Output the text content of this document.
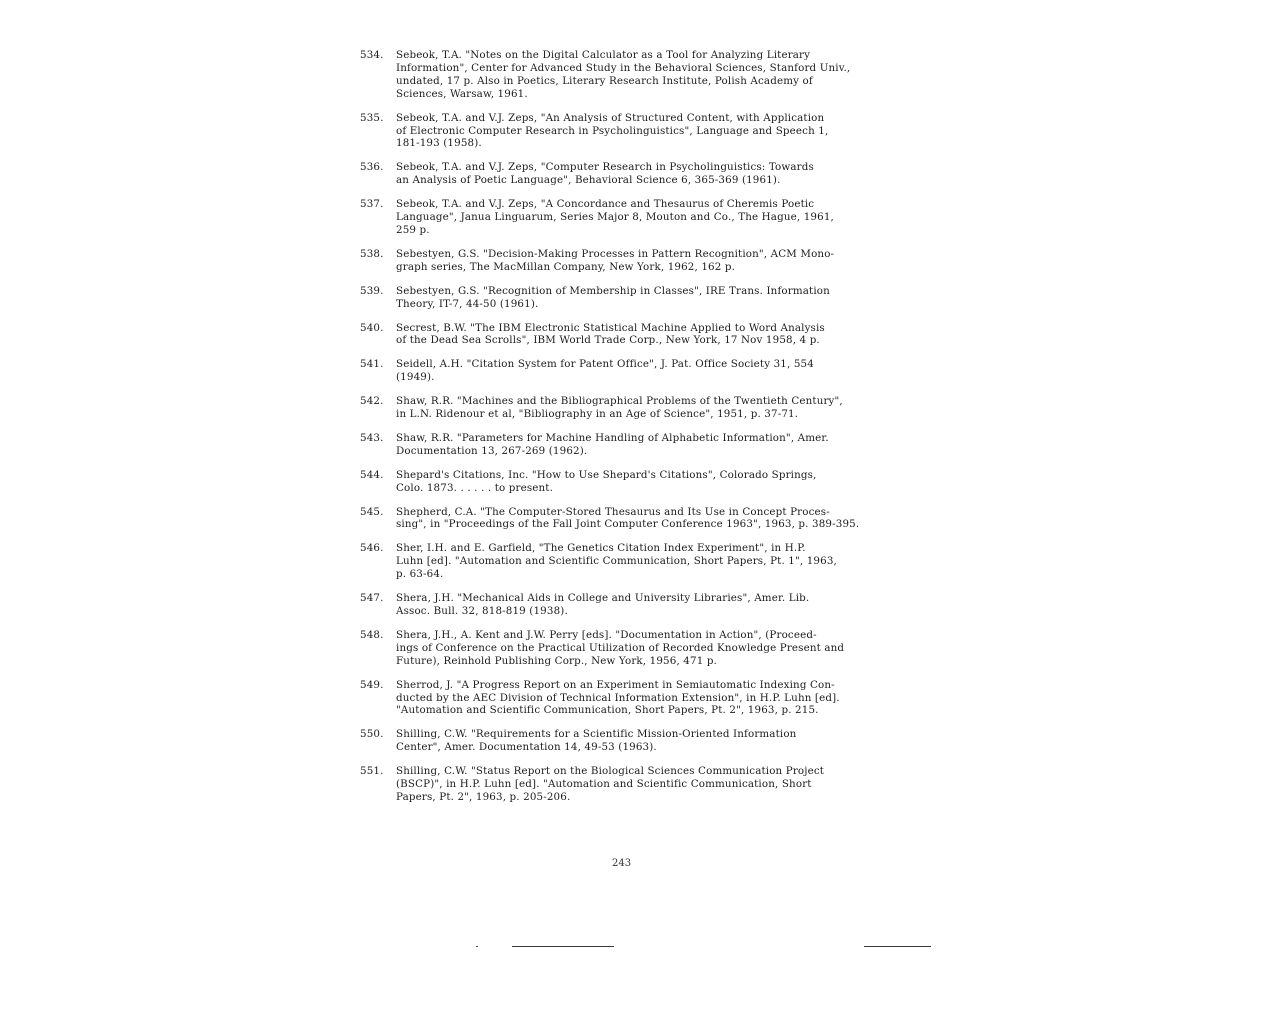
534. Sebeok, T.A. "Notes on the Digital Calculator as a Tool for Analyzing Literary
Information", Center for Advanced Study in the Behavioral Sciences, Stanford Univ.,
undated, 17 p. Also in Poetics, Literary Research Institute, Polish Academy of
Sciences, Warsaw, 1961.
535. Sebeok, T.A. and V.J. Zeps, "An Analysis of Structured Content, with Application
of Electronic Computer Research in Psycholinguistics", Language and Speech 1,
181-193 (1958).
536. Sebeok, T.A. and V.J. Zeps, "Computer Research in Psycholinguistics: Towards
an Analysis of Poetic Language", Behavioral Science 6, 365-369 (1961).
537. Sebeok, T.A. and V.J. Zeps, "A Concordance and Thesaurus of Cheremis Poetic
Language", Janua Linguarum, Series Major 8, Mouton and Co., The Hague, 1961,
259 p.
538. Sebestyen, G.S. "Decision-Making Processes in Pattern Recognition", ACM Mono-
graph series, The MacMillan Company, New York, 1962, 162 p.
539. Sebestyen, G.S. "Recognition of Membership in Classes", IRE Trans. Information
Theory, IT-7, 44-50 (1961).
540. Secrest, B.W. "The IBM Electronic Statistical Machine Applied to Word Analysis
of the Dead Sea Scrolls", IBM World Trade Corp., New York, 17 Nov 1958, 4 p.
541. Seidell, A.H. "Citation System for Patent Office", J. Pat. Office Society 31, 554
(1949).
542. Shaw, R.R. "Machines and the Bibliographical Problems of the Twentieth Century",
in L.N. Ridenour et al, "Bibliography in an Age of Science", 1951, p. 37-71.
543. Shaw, R.R. "Parameters for Machine Handling of Alphabetic Information", Amer.
Documentation 13, 267-269 (1962).
544. Shepard's Citations, Inc. "How to Use Shepard's Citations", Colorado Springs,
Colo. 1873. . . . . . to present.
545. Shepherd, C.A. "The Computer-Stored Thesaurus and Its Use in Concept Proces-
sing", in "Proceedings of the Fall Joint Computer Conference 1963", 1963, p. 389-395.
546. Sher, I.H. and E. Garfield, "The Genetics Citation Index Experiment", in H.P.
Luhn [ed]. "Automation and Scientific Communication, Short Papers, Pt. 1", 1963,
p. 63-64.
547. Shera, J.H. "Mechanical Aids in College and University Libraries", Amer. Lib.
Assoc. Bull. 32, 818-819 (1938).
548. Shera, J.H., A. Kent and J.W. Perry [eds]. "Documentation in Action", (Proceed-
ings of Conference on the Practical Utilization of Recorded Knowledge Present and
Future), Reinhold Publishing Corp., New York, 1956, 471 p.
549. Sherrod, J. "A Progress Report on an Experiment in Semiautomatic Indexing Con-
ducted by the AEC Division of Technical Information Extension", in H.P. Luhn [ed].
"Automation and Scientific Communication, Short Papers, Pt. 2", 1963, p. 215.
550. Shilling, C.W. "Requirements for a Scientific Mission-Oriented Information
Center", Amer. Documentation 14, 49-53 (1963).
551. Shilling, C.W. "Status Report on the Biological Sciences Communication Project
(BSCP)", in H.P. Luhn [ed]. "Automation and Scientific Communication, Short
Papers, Pt. 2", 1963, p. 205-206.
243
